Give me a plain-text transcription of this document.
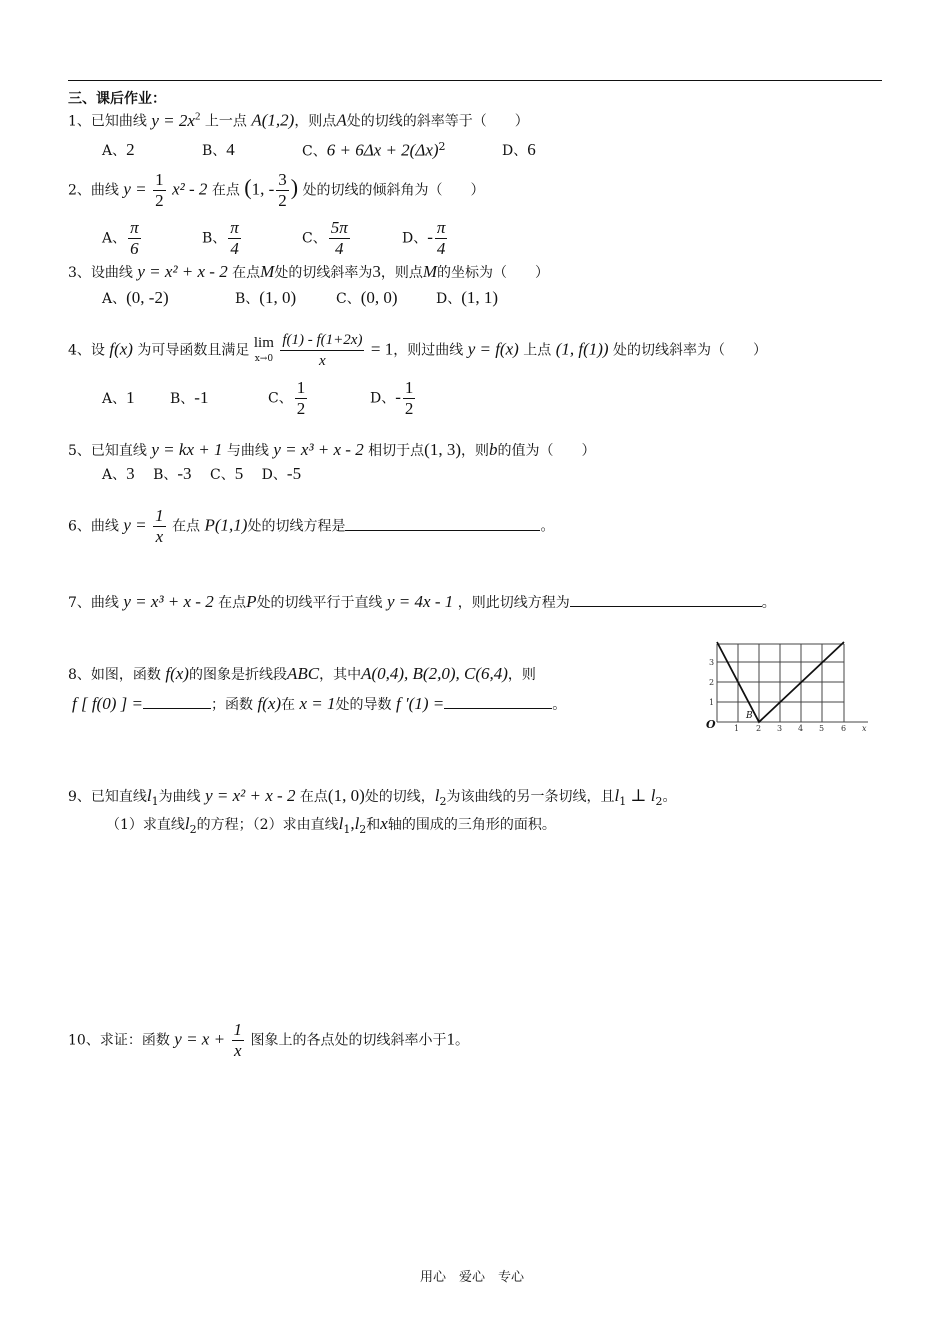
三、课后作业：
1、已知曲线 $y = 2x^2$ 上一点 A(1,2)，则点A处的切线的斜率等于（　　）
A、2	B、4	C、$6 + 6\Delta x + 2(\Delta x)^2$	D、6
2、曲线 $y = \frac{1}{2} x^2 - 2$ 在点 (1, - $\frac{3}{2}$ ) 处的切线的倾斜角为（　　）
A、 $\frac{\pi}{6}$	B、 $\frac{\pi}{4}$	C、 $\frac{5\pi}{4}$	D、- $\frac{\pi}{4}$
3、设曲线 y = x² + x - 2 在点M处的切线斜率为3，则点M的坐标为（　　）
A、(0, -2)	B、(1, 0)	C、(0, 0)	D、(1, 1)
4、设 f(x) 为可导函数且满足 lim
$x\to 0 \frac{f(1) - f(1+2x)}{x} = 1$，则过曲线 y = f(x) 上点 (1, f(1)) 处的切线斜率为（　　）
A、1	B、-1	C、 $\frac{1}{2}$	D、- $\frac{1}{2}$
5、已知直线 y = kx + 1 与曲线 y = x³ + x - 2 相切于点(1, 3)，则b的值为（　　）
A、3　 B、-3　 C、5　 D、-5
6、曲线 $y = \frac{1}{x}$ 在点 P(1,1)处的切线方程是	。
7、曲线 y = x³ + x - 2 在点P处的切线平行于直线 y = 4x - 1 ，则此切线方程为	。
8、如图，函数 f(x)的图象是折线段ABC，其中A(0,4), B(2,0), C(6,4)，则
f [ f(0) ] =	；函数 f(x)在 x = 1处的导数 f ′(1) =	。
O 1 2 3 4 5 6 x
1
2
3
B
9、已知直线$l_1$为曲线 y = x² + x - 2 在点(1, 0)处的切线，$l_2$为该曲线的另一条切线，且$l_1$ ⊥ $l_2$。
（1）求直线$l_2$的方程；（2）求由直线$l_1,l_2$和x轴的围成的三角形的面积。
10、求证：函数 $y = x + \frac{1}{x}$ 图象上的各点处的切线斜率小于1。
用心　爱心　专心
